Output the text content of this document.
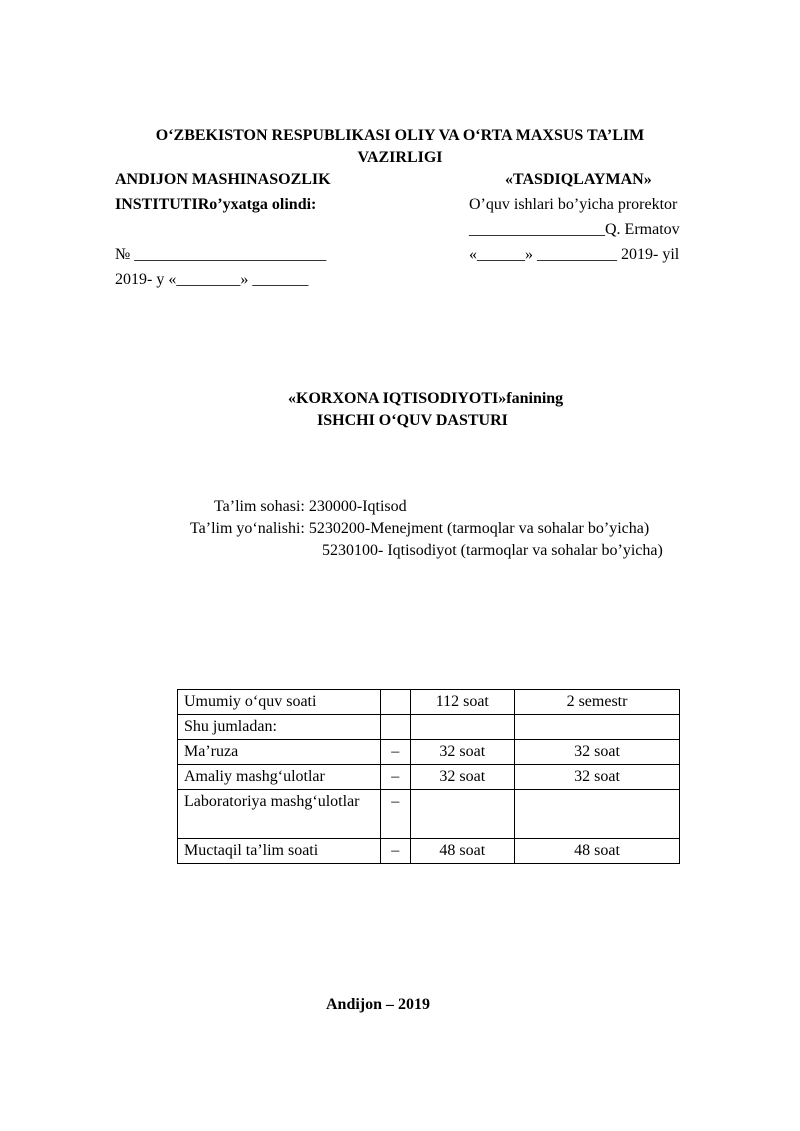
O‘ZBEKISTON RESPUBLIKASI OLIY VA O‘RTA MAXSUS TA’LIM
VAZIRLIGI
ANDIJON MASHINASOZLIK
INSTITUTIRo’yxatga olindi:
№ ________________________
2019- y «________» _______
«TASDIQLAYMAN»
O’quv ishlari bo’yicha prorektor
_________________Q. Ermatov
«______» __________ 2019- yil
«KORXONA IQTISODIYOTI»fanining
ISHCHI O‘QUV DASTURI
Ta’lim sohasi: 230000-Iqtisod
Ta’lim yo‘nalishi: 5230200-Menejment (tarmoqlar va sohalar bo’yicha)
5230100- Iqtisodiyot (tarmoqlar va sohalar bo’yicha)
Umumiy o‘quv soati		112 soat	2 semestr
Shu jumladan:			
Ma’ruza	–	32 soat	32 soat
Amaliy mashg‘ulotlar	–	32 soat	32 soat
Laboratoriya mashg‘ulotlar	–		
Muctaqil ta’lim soati	–	48 soat	48 soat
Andijon – 2019
